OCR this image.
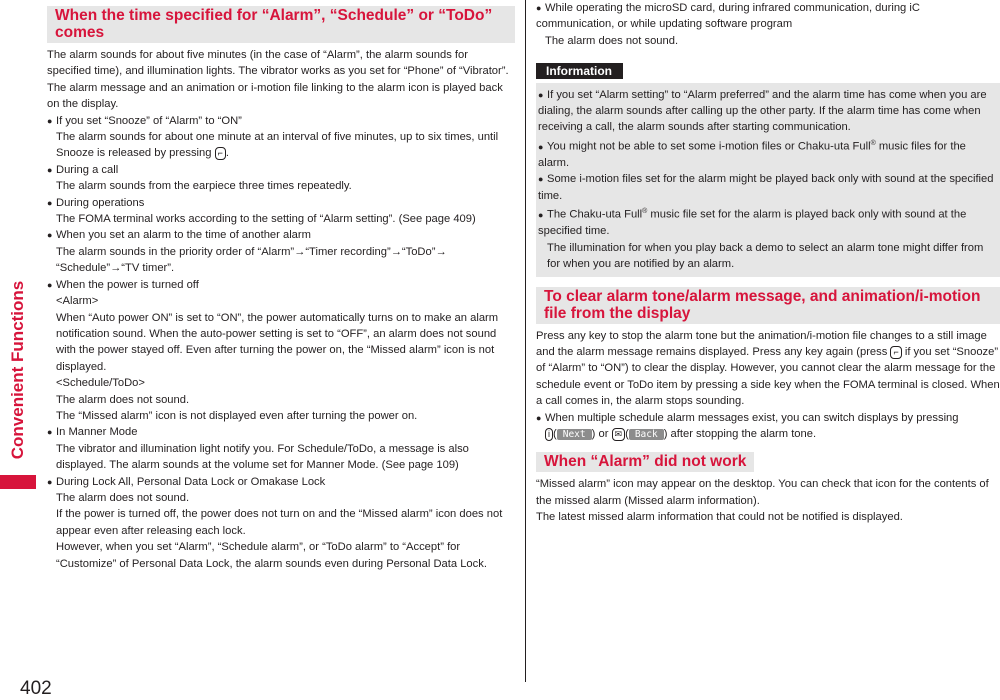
Convenient Functions
402
When the time specified for “Alarm”, “Schedule” or “ToDo” comes

The alarm sounds for about five minutes (in the case of “Alarm”, the alarm sounds for specified time), and illumination lights. The vibrator works as you set for “Phone” of “Vibrator”. The alarm message and an animation or i-motion file linking to the alarm icon is played back on the display.

● If you set “Snooze” of “Alarm” to “ON”
The alarm sounds for about one minute at an interval of five minutes, up to six times, until Snooze is released by pressing ⌐ .
● During a call
The alarm sounds from the earpiece three times repeatedly.
● During operations
The FOMA terminal works according to the setting of “Alarm setting”. (See page 409)
● When you set an alarm to the time of another alarm
The alarm sounds in the priority order of “Alarm”→“Timer recording”→“ToDo”→ “Schedule”→“TV timer”.
● When the power is turned off
<Alarm>
When “Auto power ON” is set to “ON”, the power automatically turns on to make an alarm notification sound. When the auto-power setting is set to “OFF”, an alarm does not sound with the power stayed off. Even after turning the power on, the “Missed alarm” icon is not displayed.
<Schedule/ToDo>
The alarm does not sound.
The “Missed alarm” icon is not displayed even after turning the power on.
● In Manner Mode
The vibrator and illumination light notify you. For Schedule/ToDo, a message is also displayed. The alarm sounds at the volume set for Manner Mode. (See page 109)
● During Lock All, Personal Data Lock or Omakase Lock
The alarm does not sound.
If the power is turned off, the power does not turn on and the “Missed alarm” icon does not appear even after releasing each lock.
However, when you set “Alarm”, “Schedule alarm”, or “ToDo alarm” to “Accept” for “Customize” of Personal Data Lock, the alarm sounds even during Personal Data Lock.
● While operating the microSD card, during infrared communication, during iC communication, or while updating software program
The alarm does not sound.
Information
● If you set “Alarm setting” to “Alarm preferred” and the alarm time has come when you are dialing, the alarm sounds after calling up the other party. If the alarm time has come when receiving a call, the alarm sounds after starting communication.
● You might not be able to set some i-motion files or Chaku-uta Full® music files for the alarm.
● Some i-motion files set for the alarm might be played back only with sound at the specified time.
● The Chaku-uta Full® music file set for the alarm is played back only with sound at the specified time.
The illumination for when you play back a demo to select an alarm tone might differ from for when you are notified by an alarm.
To clear alarm tone/alarm message, and animation/i-motion file from the display

Press any key to stop the alarm tone but the animation/i-motion file changes to a still image and the alarm message remains displayed. Press any key again (press ⌐ if you set “Snooze” of “Alarm” to “ON”) to clear the display. However, you cannot clear the alarm message for the schedule event or ToDo item by pressing a side key when the FOMA terminal is closed. When a call comes in, the alarm stops sounding.

● When multiple schedule alarm messages exist, you can switch displays by pressing
i ( Next ) or ✉ ( Back ) after stopping the alarm tone.
When “Alarm” did not work

“Missed alarm” icon may appear on the desktop. You can check that icon for the contents of the missed alarm (Missed alarm information).

The latest missed alarm information that could not be notified is displayed.
